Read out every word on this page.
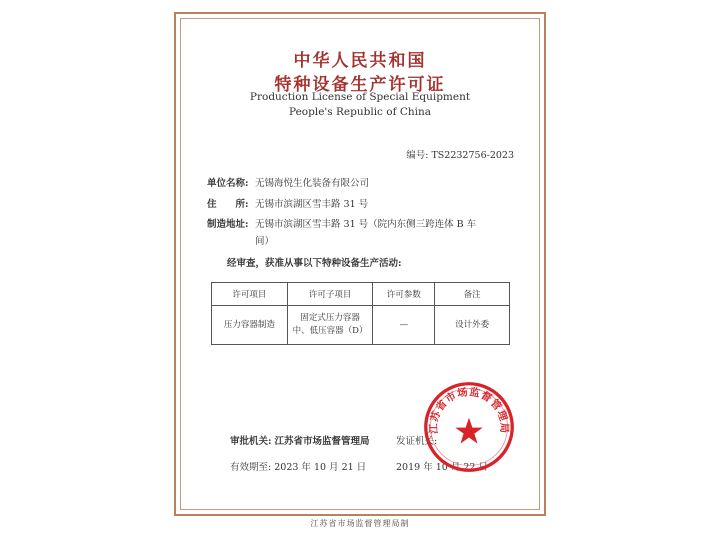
中华人民共和国
特种设备生产许可证
Production License of Special Equipment
People's Republic of China
编号: TS2232756-2023
单位名称: 无锡海悦生化装备有限公司
住　　所: 无锡市滨湖区雪丰路 31 号
制造地址: 无锡市滨湖区雪丰路 31 号（院内东侧三跨连体 B 车
间）
经审查，获准从事以下特种设备生产活动:
许可项目	许可子项目	许可参数	备注
压力容器制造	固定式压力容器
中、低压容器（D）	—	设计外委
审批机关: 江苏省市场监督管理局	发证机关:
有效期至: 2023 年 10 月 21 日	2019 年 10 月 22 日
江苏省市场监督管理局
江苏省市场监督管理局制
